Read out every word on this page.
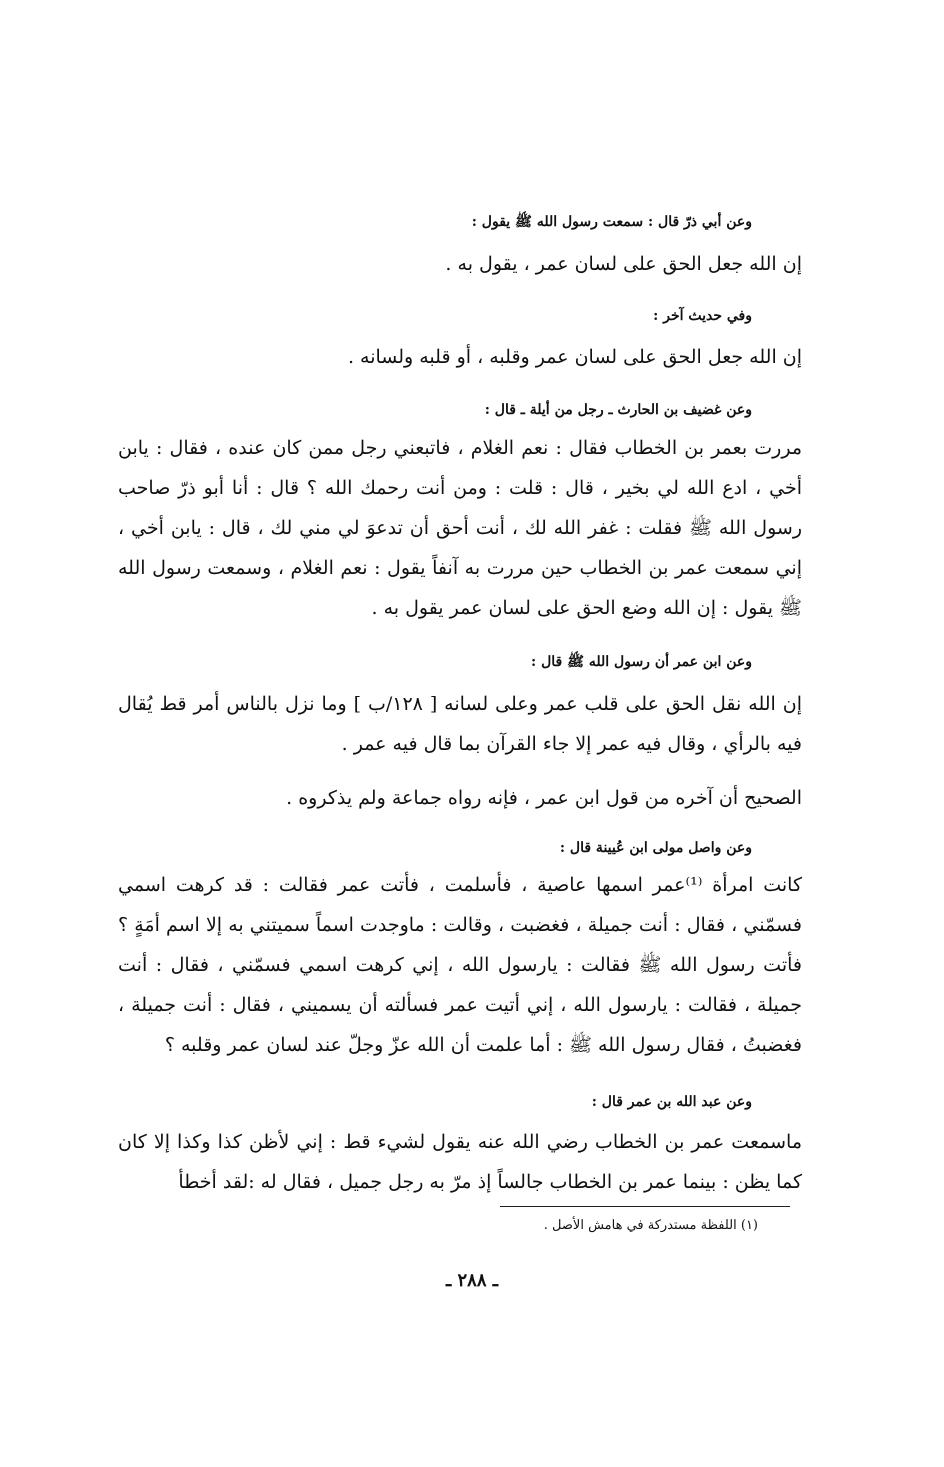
وعن أبي ذرّ قال : سمعت رسول الله ﷺ يقول :
إن الله جعل الحق على لسان عمر ، يقول به .
وفي حديث آخر :
إن الله جعل الحق على لسان عمر وقلبه ، أو قلبه ولسانه .
وعن غضيف بن الحارث ـ رجل من أيلة ـ قال :
مررت بعمر بن الخطاب فقال : نعم الغلام ، فاتبعني رجل ممن كان عنده ، فقال : يابن أخي ، ادع الله لي بخير ، قال : قلت : ومن أنت رحمك الله ؟ قال : أنا أبو ذرّ صاحب رسول الله ﷺ فقلت : غفر الله لك ، أنت أحق أن تدعوَ لي مني لك ، قال : يابن أخي ، إني سمعت عمر بن الخطاب حين مررت به آنفاً يقول : نعم الغلام ، وسمعت رسول الله ﷺ يقول : إن الله وضع الحق على لسان عمر يقول به .
وعن ابن عمر أن رسول الله ﷺ قال :
إن الله نقل الحق على قلب عمر وعلى لسانه [ ١٢٨/ب ] وما نزل بالناس أمر قط يُقال فيه بالرأي ، وقال فيه عمر إلا جاء القرآن بما قال فيه عمر .
الصحيح أن آخره من قول ابن عمر ، فإنه رواه جماعة ولم يذكروه .
وعن واصل مولى ابن عُيينة قال :
كانت امرأة ⁽¹⁾عمر اسمها عاصية ، فأسلمت ، فأتت عمر فقالت : قد كرهت اسمي فسمّني ، فقال : أنت جميلة ، فغضبت ، وقالت : ماوجدت اسماً سميتني به إلا اسم أمَةٍ ؟ فأتت رسول الله ﷺ فقالت : يارسول الله ، إني كرهت اسمي فسمّني ، فقال : أنت جميلة ، فقالت : يارسول الله ، إني أتيت عمر فسألته أن يسميني ، فقال : أنت جميلة ، فغضبتُ ، فقال رسول الله ﷺ : أما علمت أن الله عزّ وجلّ عند لسان عمر وقلبه ؟
وعن عبد الله بن عمر قال :
ماسمعت عمر بن الخطاب رضي الله عنه يقول لشيء قط : إني لأظن كذا وكذا إلا كان كما يظن : بينما عمر بن الخطاب جالساً إذ مرّ به رجل جميل ، فقال له :لقد أخطأ
(١) اللفظة مستدركة في هامش الأصل .
ـ ٢٨٨ ـ
